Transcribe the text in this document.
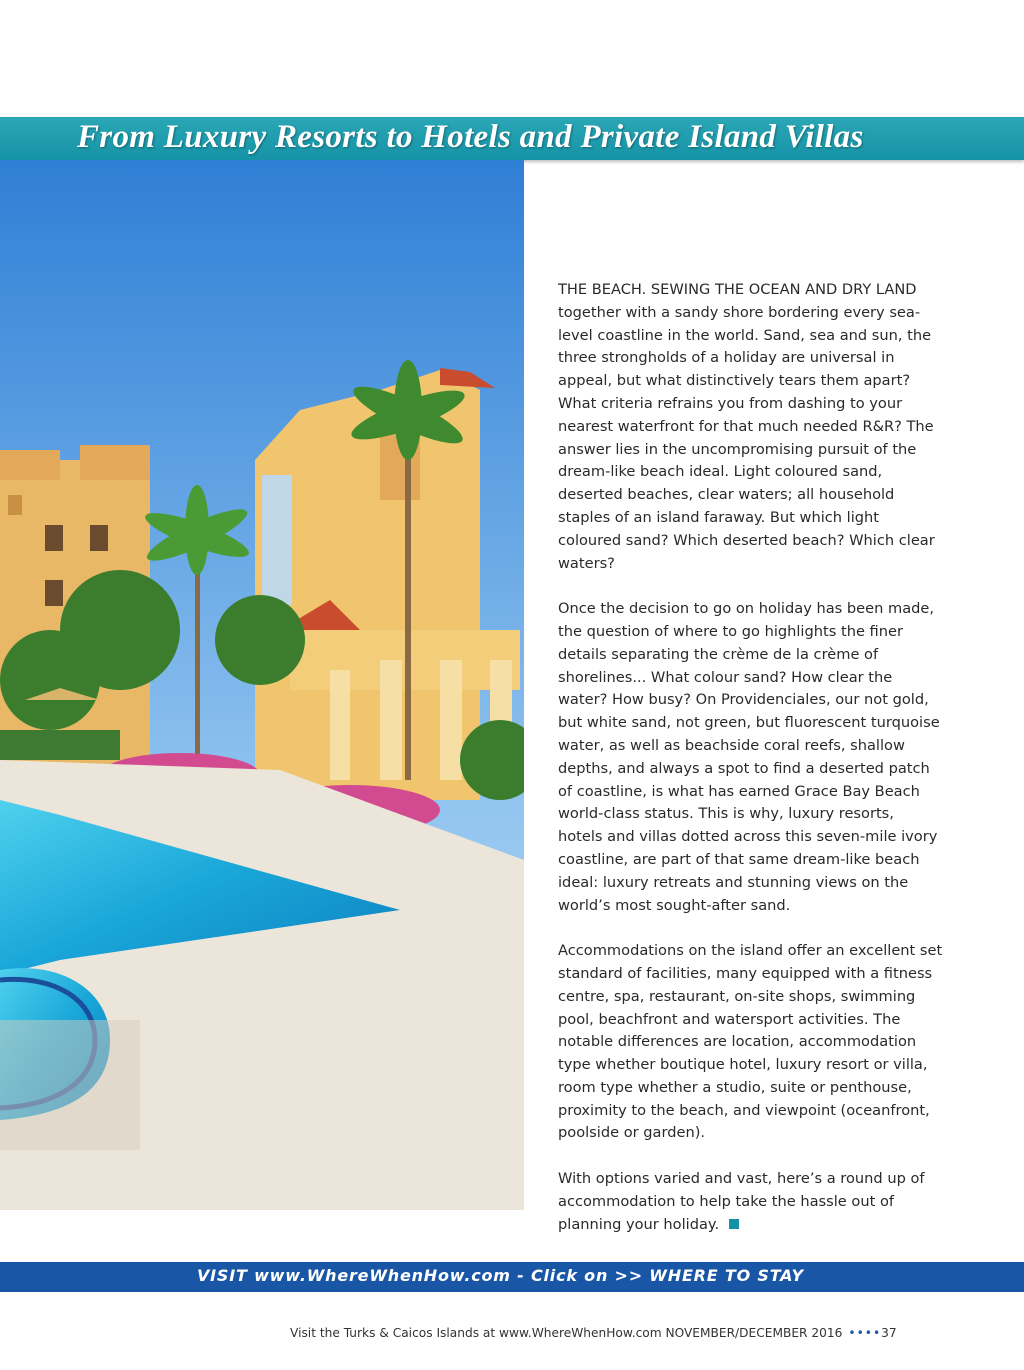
From Luxury Resorts to Hotels and Private Island Villas

THE BEACH. SEWING THE OCEAN AND DRY LAND together with a sandy shore bordering every sea-level coastline in the world. Sand, sea and sun, the three strongholds of a holiday are universal in appeal, but what distinctively tears them apart? What criteria refrains you from dashing to your nearest waterfront for that much needed R&R? The answer lies in the uncompromising pursuit of the dream-like beach ideal. Light coloured sand, deserted beaches, clear waters; all household staples of an island faraway. But which light coloured sand? Which deserted beach? Which clear waters?

Once the decision to go on holiday has been made, the question of where to go highlights the finer details separating the crème de la crème of shorelines... What colour sand? How clear the water? How busy? On Providenciales, our not gold, but white sand, not green, but fluorescent turquoise water, as well as beachside coral reefs, shallow depths, and always a spot to find a deserted patch of coastline, is what has earned Grace Bay Beach world-class status. This is why, luxury resorts, hotels and villas dotted across this seven-mile ivory coastline, are part of that same dream-like beach ideal: luxury retreats and stunning views on the world’s most sought-after sand.

Accommodations on the island offer an excellent set standard of facilities, many equipped with a fitness centre, spa, restaurant, on-site shops, swimming pool, beachfront and watersport activities. The notable differences are location, accommodation type whether boutique hotel, luxury resort or villa, room type whether a studio, suite or penthouse, proximity to the beach, and viewpoint (oceanfront, poolside or garden).

With options varied and vast, here’s a round up of accommodation to help take the hassle out of planning your holiday.

VISIT www.WhereWhenHow.com - Click on >> WHERE TO STAY
Visit the Turks & Caicos Islands at www.WhereWhenHow.com NOVEMBER/DECEMBER 2016 ••••37
